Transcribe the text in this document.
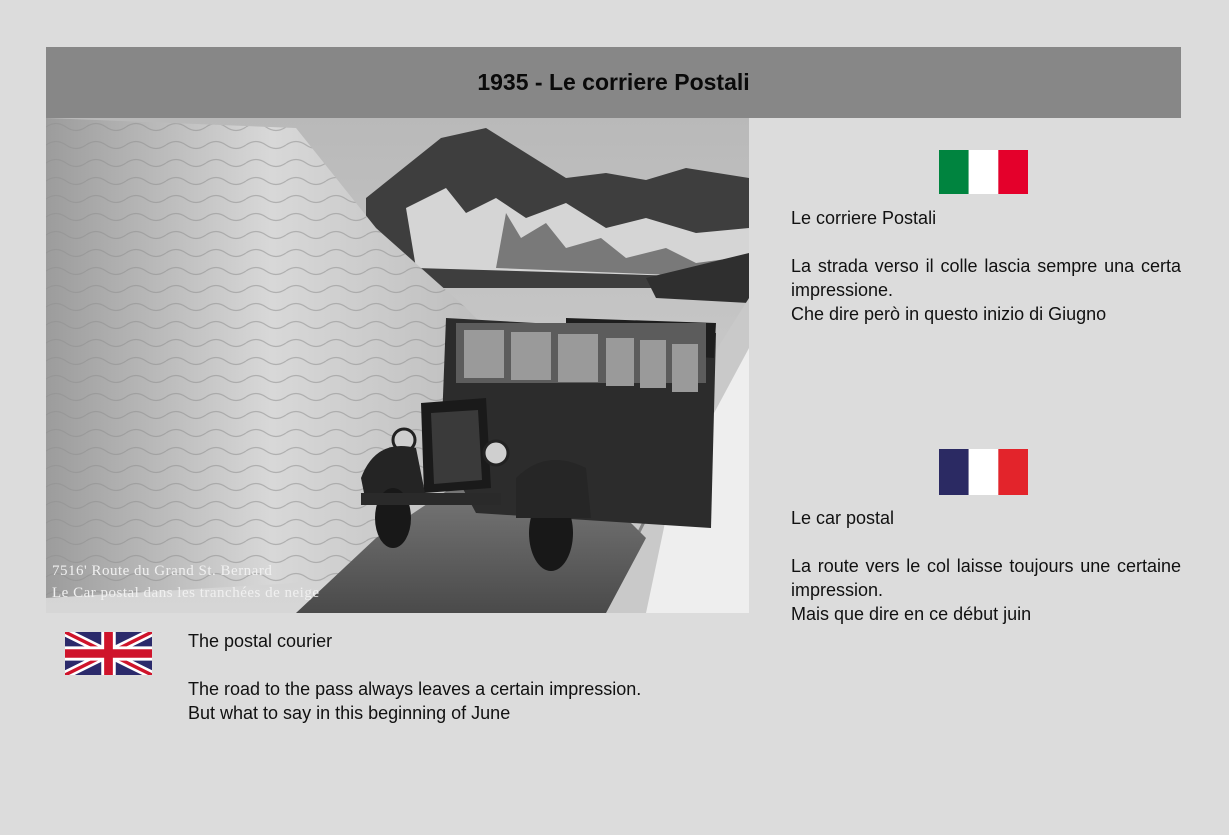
1935 - Le corriere Postali
7516' Route du Grand St. Bernard
Le Car postal dans les tranchées de neige

Le corriere Postali

La strada verso il colle lascia sempre una certa impressione.

Che dire però in questo inizio di Giugno

Le car postal

La route vers le col laisse toujours une certaine impression.

Mais que dire en ce début juin

The postal courier

The road to the pass always leaves a certain impression.

But what to say in this beginning of June
